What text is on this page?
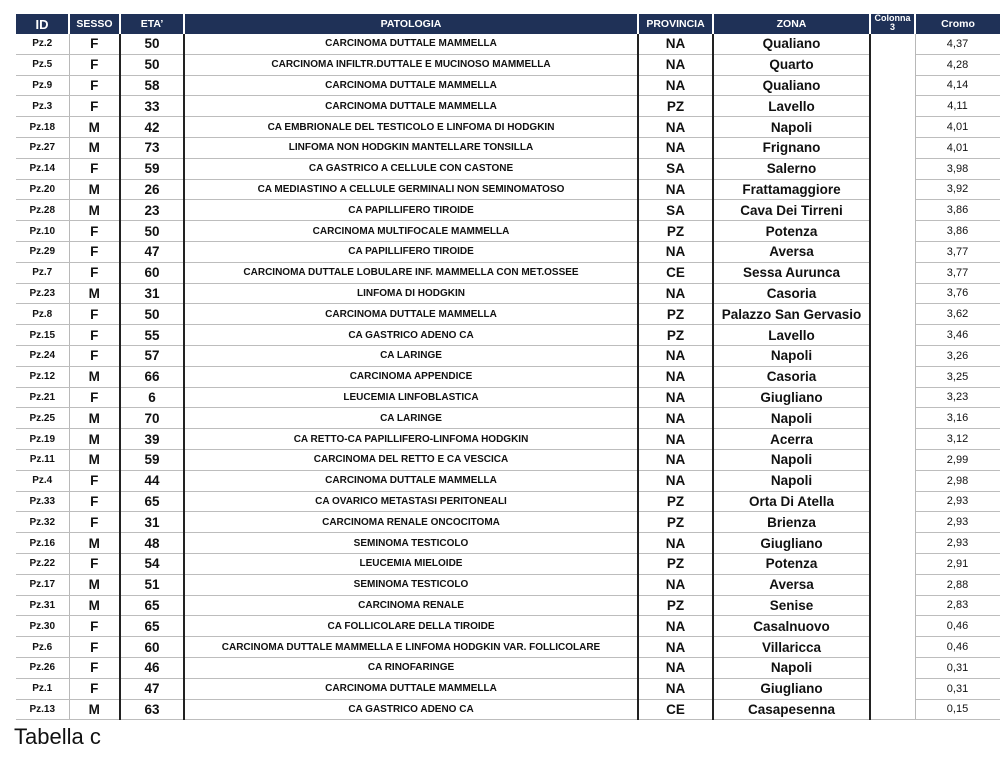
ID	SESSO	ETA’	PATOLOGIA	PROVINCIA	ZONA	Colonna 3	Cromo
Pz.2	F	50	CARCINOMA DUTTALE MAMMELLA	NA	Qualiano		4,37
Pz.5	F	50	CARCINOMA INFILTR.DUTTALE E MUCINOSO MAMMELLA	NA	Quarto		4,28
Pz.9	F	58	CARCINOMA DUTTALE MAMMELLA	NA	Qualiano		4,14
Pz.3	F	33	CARCINOMA DUTTALE MAMMELLA	PZ	Lavello		4,11
Pz.18	M	42	CA EMBRIONALE DEL TESTICOLO E LINFOMA DI HODGKIN	NA	Napoli		4,01
Pz.27	M	73	LINFOMA NON HODGKIN MANTELLARE TONSILLA	NA	Frignano		4,01
Pz.14	F	59	CA GASTRICO A CELLULE CON CASTONE	SA	Salerno		3,98
Pz.20	M	26	CA MEDIASTINO A CELLULE GERMINALI NON SEMINOMATOSO	NA	Frattamaggiore		3,92
Pz.28	M	23	CA PAPILLIFERO TIROIDE	SA	Cava Dei Tirreni		3,86
Pz.10	F	50	CARCINOMA MULTIFOCALE MAMMELLA	PZ	Potenza		3,86
Pz.29	F	47	CA PAPILLIFERO TIROIDE	NA	Aversa		3,77
Pz.7	F	60	CARCINOMA DUTTALE LOBULARE INF. MAMMELLA CON MET.OSSEE	CE	Sessa Aurunca		3,77
Pz.23	M	31	LINFOMA DI HODGKIN	NA	Casoria		3,76
Pz.8	F	50	CARCINOMA DUTTALE MAMMELLA	PZ	Palazzo San Gervasio		3,62
Pz.15	F	55	CA GASTRICO ADENO CA	PZ	Lavello		3,46
Pz.24	F	57	CA LARINGE	NA	Napoli		3,26
Pz.12	M	66	CARCINOMA APPENDICE	NA	Casoria		3,25
Pz.21	F	6	LEUCEMIA LINFOBLASTICA	NA	Giugliano		3,23
Pz.25	M	70	CA LARINGE	NA	Napoli		3,16
Pz.19	M	39	CA RETTO-CA PAPILLIFERO-LINFOMA HODGKIN	NA	Acerra		3,12
Pz.11	M	59	CARCINOMA DEL RETTO E CA VESCICA	NA	Napoli		2,99
Pz.4	F	44	CARCINOMA DUTTALE MAMMELLA	NA	Napoli		2,98
Pz.33	F	65	CA OVARICO METASTASI PERITONEALI	PZ	Orta Di Atella		2,93
Pz.32	F	31	CARCINOMA RENALE ONCOCITOMA	PZ	Brienza		2,93
Pz.16	M	48	SEMINOMA TESTICOLO	NA	Giugliano		2,93
Pz.22	F	54	LEUCEMIA MIELOIDE	PZ	Potenza		2,91
Pz.17	M	51	SEMINOMA TESTICOLO	NA	Aversa		2,88
Pz.31	M	65	CARCINOMA RENALE	PZ	Senise		2,83
Pz.30	F	65	CA FOLLICOLARE DELLA TIROIDE	NA	Casalnuovo		0,46
Pz.6	F	60	CARCINOMA DUTTALE MAMMELLA E LINFOMA HODGKIN VAR. FOLLICOLARE	NA	Villaricca		0,46
Pz.26	F	46	CA RINOFARINGE	NA	Napoli		0,31
Pz.1	F	47	CARCINOMA DUTTALE MAMMELLA	NA	Giugliano		0,31
Pz.13	M	63	CA GASTRICO ADENO CA	CE	Casapesenna		0,15
Tabella c
